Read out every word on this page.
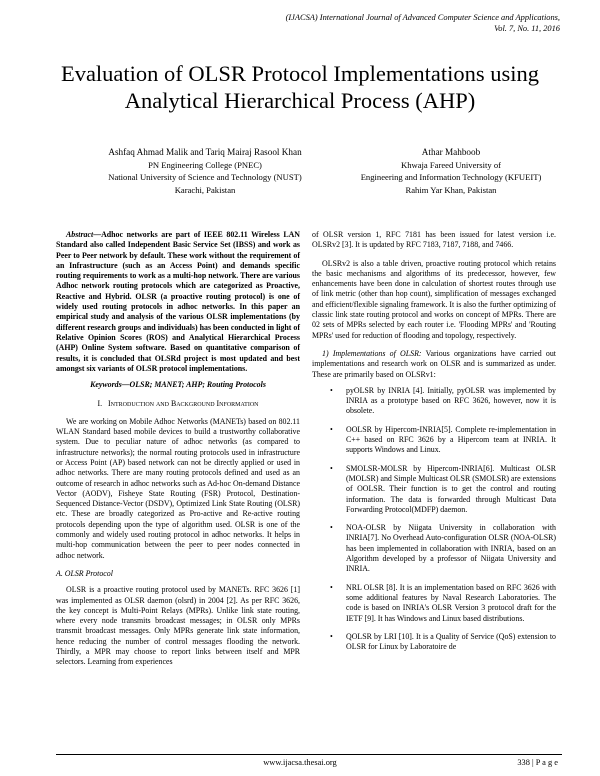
(IJACSA) International Journal of Advanced Computer Science and Applications,
Vol. 7, No. 11, 2016
Evaluation of OLSR Protocol Implementations using
Analytical Hierarchical Process (AHP)
Ashfaq Ahmad Malik and Tariq Mairaj Rasool Khan
PN Engineering College (PNEC)
National University of Science and Technology (NUST)
Karachi, Pakistan
Athar Mahboob
Khwaja Fareed University of
Engineering and Information Technology (KFUEIT)
Rahim Yar Khan, Pakistan

Abstract—Adhoc networks are part of IEEE 802.11 Wireless LAN Standard also called Independent Basic Service Set (IBSS) and work as Peer to Peer network by default. These work without the requirement of an Infrastructure (such as an Access Point) and demands specific routing requirements to work as a multi-hop network. There are various Adhoc network routing protocols which are categorized as Proactive, Reactive and Hybrid. OLSR (a proactive routing protocol) is one of widely used routing protocols in adhoc networks. In this paper an empirical study and analysis of the various OLSR implementations (by different research groups and individuals) has been conducted in light of Relative Opinion Scores (ROS) and Analytical Hierarchical Process (AHP) Online System software. Based on quantitative comparison of results, it is concluded that OLSRd project is most updated and best amongst six variants of OLSR protocol implementations.

Keywords—OLSR; MANET; AHP; Routing Protocols

I. Introduction and Background Information

We are working on Mobile Adhoc Networks (MANETs) based on 802.11 WLAN Standard based mobile devices to build a trustworthy collaborative system. Due to peculiar nature of adhoc networks (as compared to infrastructure networks); the normal routing protocols used in infrastructure or Access Point (AP) based network can not be directly applied or used in adhoc networks. There are many routing protocols defined and used as an outcome of research in adhoc networks such as Ad-hoc On-demand Distance Vector (AODV), Fisheye State Routing (FSR) Protocol, Destination-Sequenced Distance-Vector (DSDV), Optimized Link State Routing (OLSR) etc. These are broadly categorized as Pro-active and Re-active routing protocols depending upon the type of algorithm used. OLSR is one of the commonly and widely used routing protocol in adhoc networks. It helps in multi-hop communication between the peer to peer nodes connected in adhoc network.

A. OLSR Protocol

OLSR is a proactive routing protocol used by MANETs. RFC 3626 [1] was implemented as OLSR daemon (olsrd) in 2004 [2]. As per RFC 3626, the key concept is Multi-Point Relays (MPRs). Unlike link state routing, where every node transmits broadcast messages; in OLSR only MPRs transmit broadcast messages. Only MPRs generate link state information, hence reducing the number of control messages flooding the network. Thirdly, a MPR may choose to report links between itself and MPR selectors. Learning from experiences

of OLSR version 1, RFC 7181 has been issued for latest version i.e. OLSRv2 [3]. It is updated by RFC 7183, 7187, 7188, and 7466.

OLSRv2 is also a table driven, proactive routing protocol which retains the basic mechanisms and algorithms of its predecessor, however, few enhancements have been done in calculation of shortest routes through use of link metric (other than hop count), simplification of messages exchanged and efficient/flexible signaling framework. It is also the further optimizing of classic link state routing protocol and works on concept of MPRs. There are 02 sets of MPRs selected by each router i.e. 'Flooding MPRs' and 'Routing MPRs' used for reduction of flooding and topology, respectively.

1) Implementations of OLSR: Various organizations have carried out implementations and research work on OLSR and is summarized as under. These are primarily based on OLSRv1:

• pyOLSR by INRIA [4]. Initially, pyOLSR was implemented by INRIA as a prototype based on RFC 3626, however, now it is obsolete.
• OOLSR by Hipercom-INRIA[5]. Complete re-implementation in C++ based on RFC 3626 by a Hipercom team at INRIA. It supports Windows and Linux.
• SMOLSR-MOLSR by Hipercom-INRIA[6]. Multicast OLSR (MOLSR) and Simple Multicast OLSR (SMOLSR) are extensions of OOLSR. Their function is to get the control and routing information. The data is forwarded through Multicast Data Forwarding Protocol(MDFP) daemon.
• NOA-OLSR by Niigata University in collaboration with INRIA[7]. No Overhead Auto-configuration OLSR (NOA-OLSR) has been implemented in collaboration with INRIA, based on an Algorithm developed by a professor of Niigata University and INRIA.
• NRL OLSR [8]. It is an implementation based on RFC 3626 with some additional features by Naval Research Laboratories. The code is based on INRIA's OLSR Version 3 protocol draft for the IETF [9]. It has Windows and Linux based distributions.
• QOLSR by LRI [10]. It is a Quality of Service (QoS) extension to OLSR for Linux by Laboratoire de
www.ijacsa.thesai.org	338 | P a g e
